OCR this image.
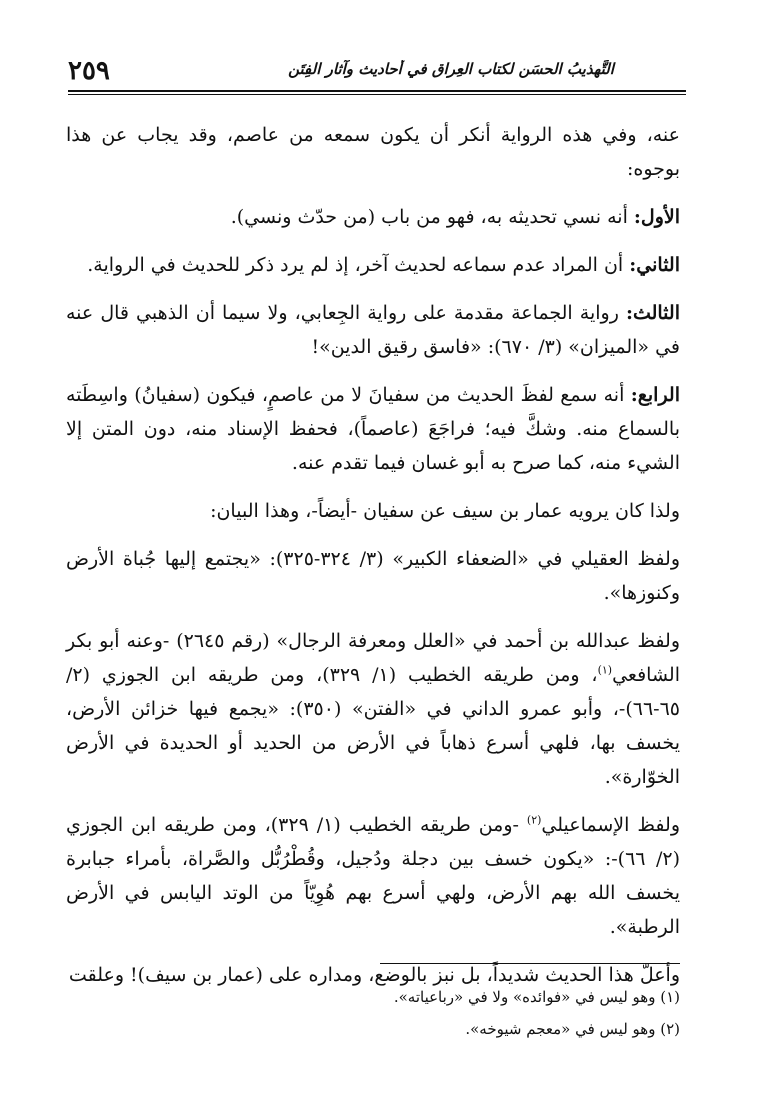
٢٥٩	التَّهذيبُ الحسَن لكتاب العِراق في أحاديث وآثار الفِتَن

عنه، وفي هذه الرواية أنكر أن يكون سمعه من عاصم، وقد يجاب عن هذا بوجوه:

الأول: أنه نسي تحديثه به، فهو من باب (من حدّث ونسي).

الثاني: أن المراد عدم سماعه لحديث آخر، إذ لم يرد ذكر للحديث في الرواية.

الثالث: رواية الجماعة مقدمة على رواية الجِعابي، ولا سيما أن الذهبي قال عنه في «الميزان» (٣/ ٦٧٠): «فاسق رقيق الدين»!

الرابع: أنه سمع لفظَ الحديث من سفيانَ لا من عاصمٍ، فيكون (سفيانُ) واسِطَته بالسماع منه. وشكَّ فيه؛ فراجَعَ (عاصماً)، فحفظ الإسناد منه، دون المتن إلا الشيء منه، كما صرح به أبو غسان فيما تقدم عنه.

ولذا كان يرويه عمار بن سيف عن سفيان -أيضاً-، وهذا البيان:

ولفظ العقيلي في «الضعفاء الكبير» (٣/ ٣٢٤-٣٢٥): «يجتمع إليها جُباة الأرض وكنوزها».

ولفظ عبدالله بن أحمد في «العلل ومعرفة الرجال» (رقم ٢٦٤٥) -وعنه أبو بكر الشافعي$^{(١)}$، ومن طريقه الخطيب (١/ ٣٢٩)، ومن طريقه ابن الجوزي (٢/ ٦٥-٦٦)-، وأبو عمرو الداني في «الفتن» (٣٥٠): «يجمع فيها خزائن الأرض، يخسف بها، فلهي أسرع ذهاباً في الأرض من الحديد أو الحديدة في الأرض الخوّارة».

ولفظ الإسماعيلي$^{(٢)}$ -ومن طريقه الخطيب (١/ ٣٢٩)، ومن طريقه ابن الجوزي (٢/ ٦٦)-: «يكون خسف بين دجلة ودُجيل، وقُطْرُبُّل والصَّراة، بأمراء جبابرة يخسف الله بهم الأرض، ولهي أسرع بهم هُوِيّاً من الوتد اليابس في الأرض الرطبة».

وأعلّ هذا الحديث شديداً، بل نبز بالوضع، ومداره على (عمار بن سيف)! وعلقت

(١) وهو ليس في «فوائده» ولا في «رباعياته».

(٢) وهو ليس في «معجم شيوخه».
